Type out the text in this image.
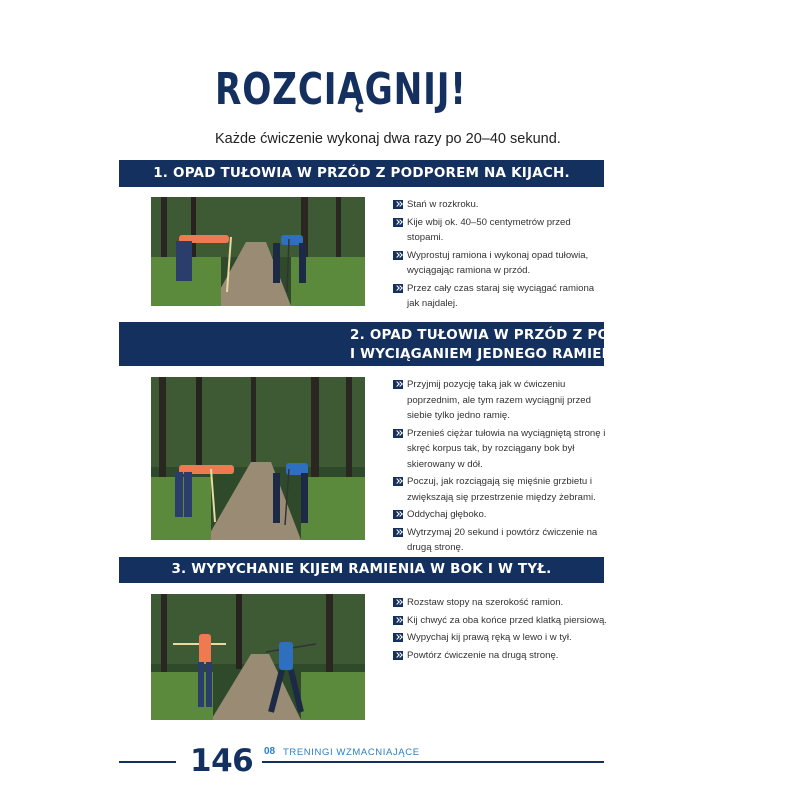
ROZCIĄGNIJ!
Każde ćwiczenie wykonaj dwa razy po 20–40 sekund.
1. OPAD TUŁOWIA W PRZÓD Z PODPOREM NA KIJACH.
Stań w rozkroku.
Kije wbij ok. 40–50 centymetrów przed stopami.
Wyprostuj ramiona i wykonaj opad tułowia, wyciągając ramiona w przód.
Przez cały czas staraj się wyciągać ramiona jak najdalej.
2. OPAD TUŁOWIA W PRZÓD Z PODPOREM NA KIJACH
I WYCIĄGANIEM JEDNEGO RAMIENIA W PRZÓD.
Przyjmij pozycję taką jak w ćwiczeniu poprzednim, ale tym razem wyciągnij przed siebie tylko jedno ramię.
Przenieś ciężar tułowia na wyciągniętą stronę i skręć korpus tak, by rozciągany bok był skierowany w dół.
Poczuj, jak rozciągają się mięśnie grzbietu i zwiększają się przestrzenie między żebrami.
Oddychaj głęboko.
Wytrzymaj 20 sekund i powtórz ćwiczenie na drugą stronę.
3. WYPYCHANIE KIJEM RAMIENIA W BOK I W TYŁ.
Rozstaw stopy na szerokość ramion.
Kij chwyć za oba końce przed klatką piersiową.
Wypychaj kij prawą ręką w lewo i w tył.
Powtórz ćwiczenie na drugą stronę.
146 08 TRENINGI WZMACNIAJĄCE
